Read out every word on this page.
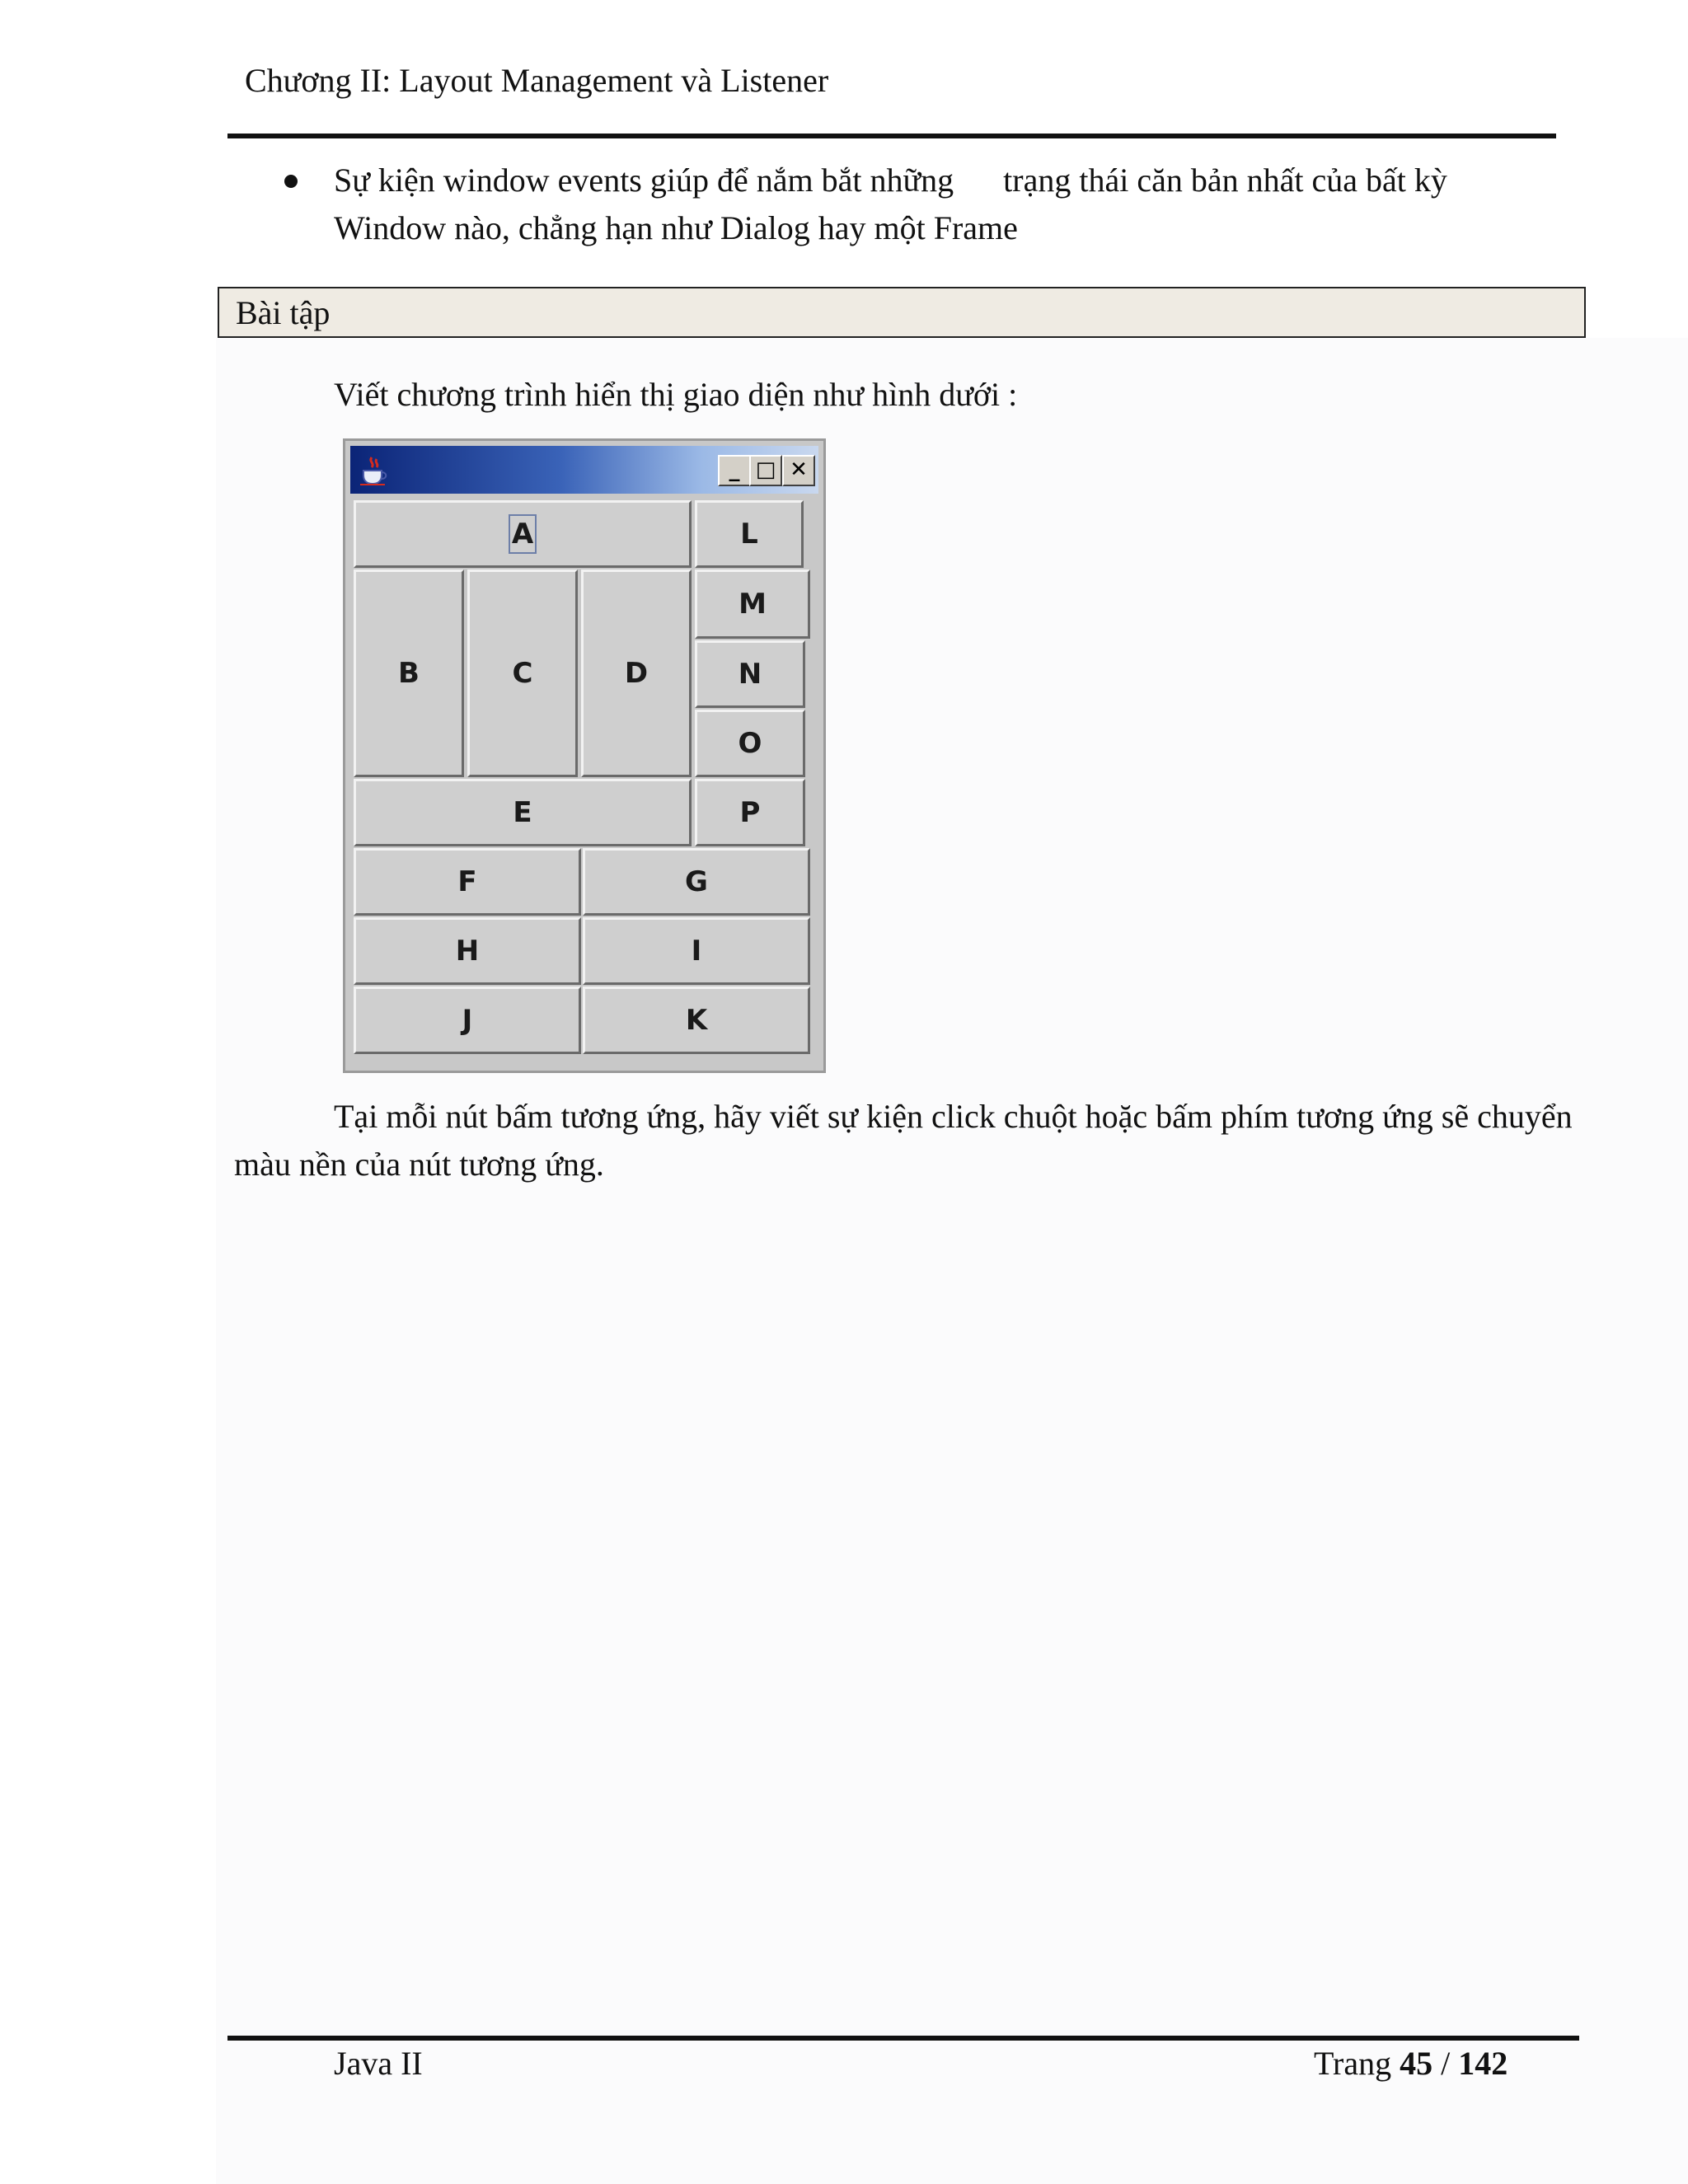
Chương II: Layout Management và Listener
Sự kiện window events giúp để nắm bắt những trạng thái căn bản nhất của bất kỳ Window nào, chẳng hạn như Dialog hay một Frame
Bài tập
Viết chương trình hiển thị giao diện như hình dưới :
_ □ ✕
A	L
B	C	D
M
N
O
E	P
F	G
H	I
J	K
Tại mỗi nút bấm tương ứng, hãy viết sự kiện click chuột hoặc bấm phím tương ứng sẽ chuyển màu nền của nút tương ứng.
Java II	Trang 45 / 142
